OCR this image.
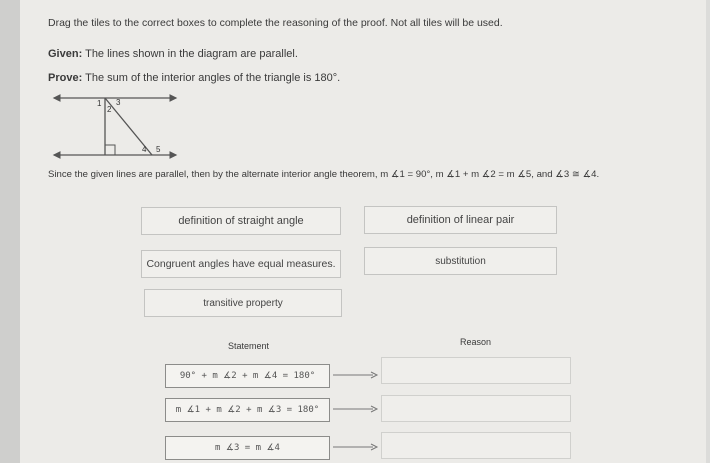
Drag the tiles to the correct boxes to complete the reasoning of the proof. Not all tiles will be used.
Given: The lines shown in the diagram are parallel.
Prove: The sum of the interior angles of the triangle is 180°.
1
2
3
4 5
Since the given lines are parallel, then by the alternate interior angle theorem, m ∡1 = 90°, m ∡1 + m ∡2 = m ∡5, and ∡3 ≅ ∡4.
definition of straight angle	definition of linear pair
Congruent angles have equal measures.	substitution
transitive property
Statement	Reason
90° + m ∡2 + m ∡4 = 180°
m ∡1 + m ∡2 + m ∡3 = 180°
m ∡3 = m ∡4
